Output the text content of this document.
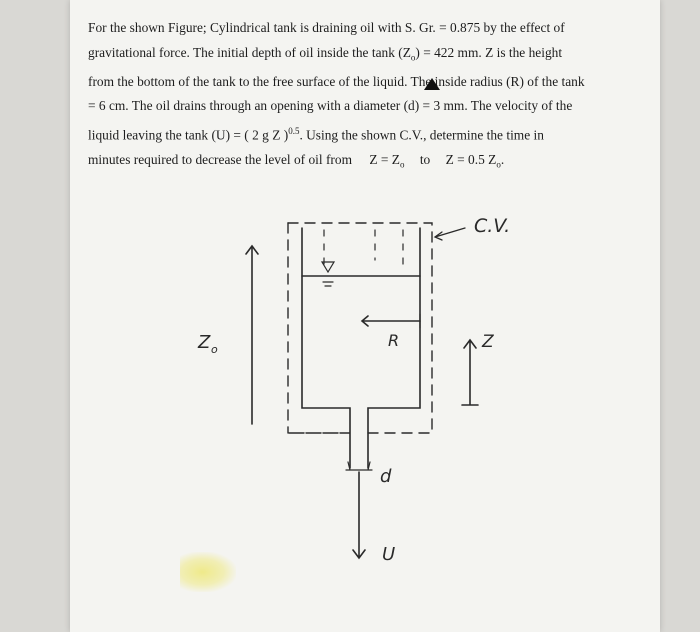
For the shown Figure; Cylindrical tank is draining oil with S. Gr. = 0.875 by the effect of
gravitational force. The initial depth of oil inside the tank $(Z_o) = 422$ mm. Z is the height
from the bottom of the tank to the free surface of the liquid. The inside radius (R) of the tank
= 6 cm. The oil drains through an opening with a diameter (d) = 3 mm. The velocity of the
liquid leaving the tank (U) = ( 2 g Z )$^{0.5}$. Using the shown C.V., determine the time in
minutes required to decrease the level of oil from $Z = Z_o$ to Z = 0.5 $Z_o$.
C.V.
R	Z
Z o
d
U
